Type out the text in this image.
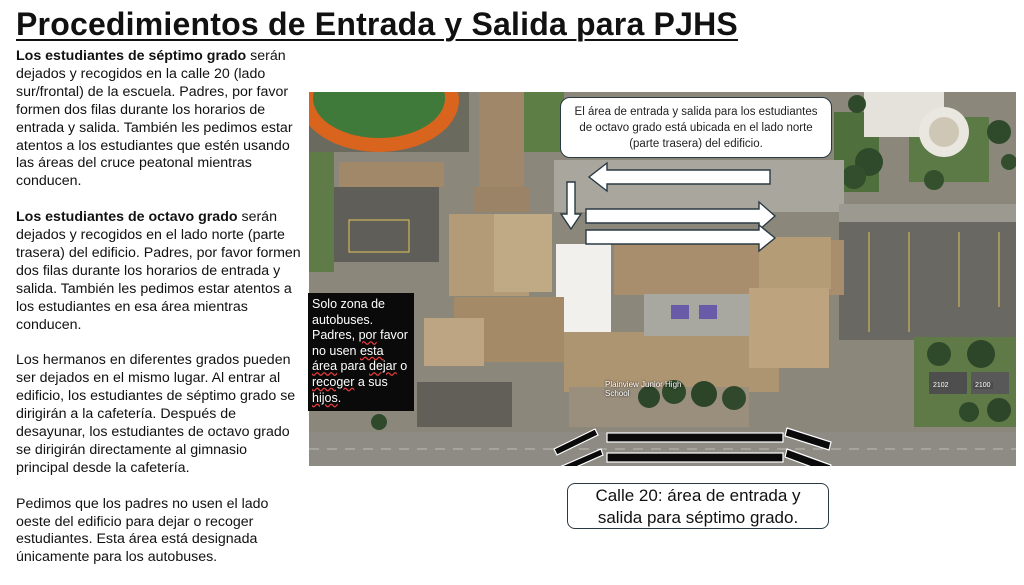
Procedimientos de Entrada y Salida para PJHS

Los estudiantes de séptimo grado serán dejados y recogidos en la calle 20 (lado sur/frontal) de la escuela. Padres, por favor formen dos filas durante los horarios de entrada y salida. También les pedimos estar atentos a los estudiantes que estén usando las áreas del cruce peatonal mientras conducen.

Los estudiantes de octavo grado serán dejados y recogidos en el lado norte (parte trasera) del edificio. Padres, por favor formen dos filas durante los horarios de entrada y salida. También les pedimos estar atentos a los estudiantes en esa área mientras conducen.

Los hermanos en diferentes grados pueden ser dejados en el mismo lugar. Al entrar al edificio, los estudiantes de séptimo grado se dirigirán a la cafetería. Después de desayunar, los estudiantes de octavo grado se dirigirán directamente al gimnasio principal desde la cafetería.

Pedimos que los padres no usen el lado oeste del edificio para dejar o recoger estudiantes. Esta área está designada únicamente para los autobuses.

Plainview Junior High School
2102	2100
El área de entrada y salida para los estudiantes de octavo grado está ubicada en el lado norte (parte trasera) del edificio.
Solo zona de autobuses. Padres, por favor no usen esta área para dejar o recoger a sus hijos.
Calle 20: área de entrada y salida para séptimo grado.
